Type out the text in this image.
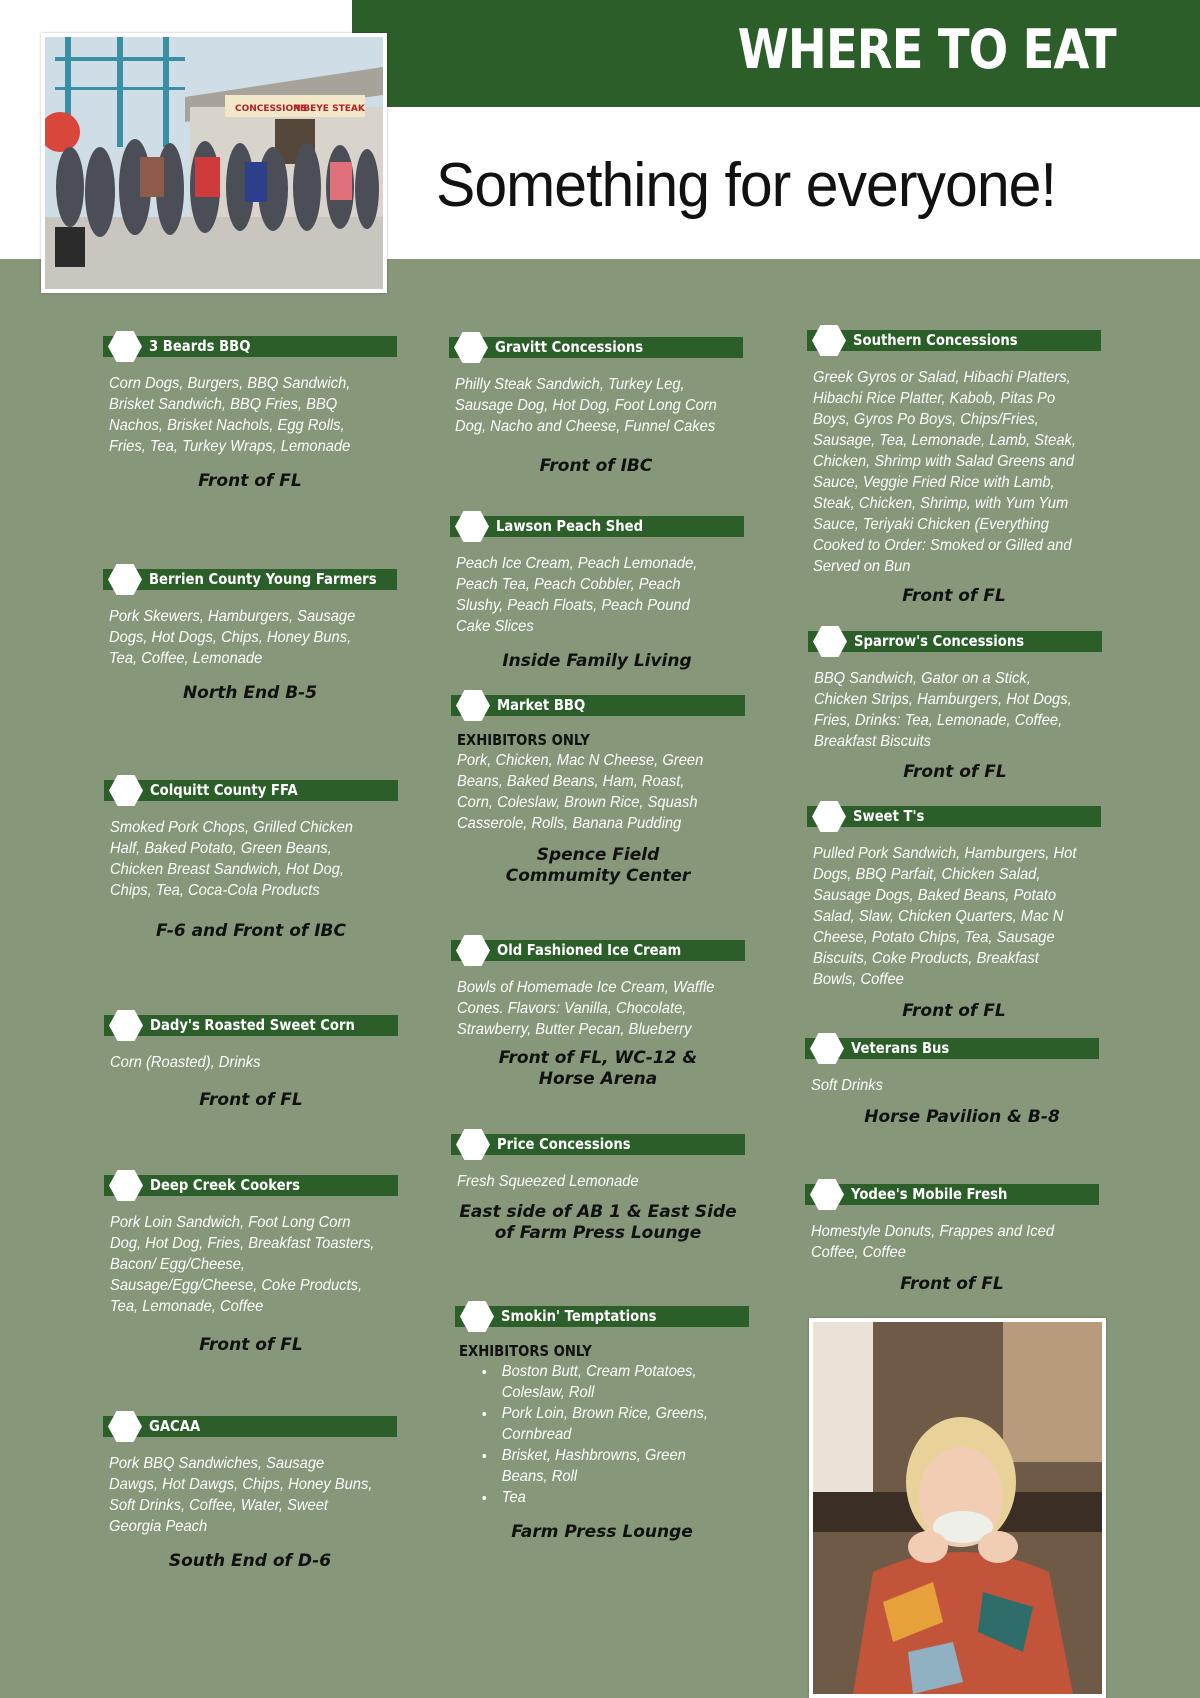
WHERE TO EAT
Something for everyone!
CONCESSIONS
RIBEYE STEAK
3 Beards BBQ
Corn Dogs, Burgers, BBQ Sandwich, Brisket Sandwich, BBQ Fries, BBQ Nachos, Brisket Nachols, Egg Rolls, Fries, Tea, Turkey Wraps, Lemonade
Front of FL
Berrien County Young Farmers
Pork Skewers, Hamburgers, Sausage Dogs, Hot Dogs, Chips, Honey Buns, Tea, Coffee, Lemonade
North End B-5
Colquitt County FFA
Smoked Pork Chops, Grilled Chicken Half, Baked Potato, Green Beans, Chicken Breast Sandwich, Hot Dog, Chips, Tea, Coca-Cola Products
F-6 and Front of IBC
Dady's Roasted Sweet Corn
Corn (Roasted), Drinks
Front of FL
Deep Creek Cookers
Pork Loin Sandwich, Foot Long Corn Dog, Hot Dog, Fries, Breakfast Toasters, Bacon/ Egg/Cheese, Sausage/Egg/Cheese, Coke Products, Tea, Lemonade, Coffee
Front of FL
GACAA
Pork BBQ Sandwiches, Sausage Dawgs, Hot Dawgs, Chips, Honey Buns, Soft Drinks, Coffee, Water, Sweet Georgia Peach
South End of D-6
Gravitt Concessions
Philly Steak Sandwich, Turkey Leg, Sausage Dog, Hot Dog, Foot Long Corn Dog, Nacho and Cheese, Funnel Cakes
Front of IBC
Lawson Peach Shed
Peach Ice Cream, Peach Lemonade, Peach Tea, Peach Cobbler, Peach Slushy, Peach Floats, Peach Pound Cake Slices
Inside Family Living
Market BBQ
EXHIBITORS ONLY
Pork, Chicken, Mac N Cheese, Green Beans, Baked Beans, Ham, Roast, Corn, Coleslaw, Brown Rice, Squash Casserole, Rolls, Banana Pudding
Spence Field Commumity Center
Old Fashioned Ice Cream
Bowls of Homemade Ice Cream, Waffle Cones. Flavors: Vanilla, Chocolate, Strawberry, Butter Pecan, Blueberry
Front of FL, WC-12 & Horse Arena
Price Concessions
Fresh Squeezed Lemonade
East side of AB 1 & East Side of Farm Press Lounge
Smokin' Temptations
EXHIBITORS ONLY
• Boston Butt, Cream Potatoes, Coleslaw, Roll
• Pork Loin, Brown Rice, Greens, Cornbread
• Brisket, Hashbrowns, Green Beans, Roll
• Tea
Farm Press Lounge
Southern Concessions
Greek Gyros or Salad, Hibachi Platters, Hibachi Rice Platter, Kabob, Pitas Po Boys, Gyros Po Boys, Chips/Fries, Sausage, Tea, Lemonade, Lamb, Steak, Chicken, Shrimp with Salad Greens and Sauce, Veggie Fried Rice with Lamb, Steak, Chicken, Shrimp, with Yum Yum Sauce, Teriyaki Chicken (Everything Cooked to Order: Smoked or Gilled and Served on Bun
Front of FL
Sparrow's Concessions
BBQ Sandwich, Gator on a Stick, Chicken Strips, Hamburgers, Hot Dogs, Fries, Drinks: Tea, Lemonade, Coffee, Breakfast Biscuits
Front of FL
Sweet T's
Pulled Pork Sandwich, Hamburgers, Hot Dogs, BBQ Parfait, Chicken Salad, Sausage Dogs, Baked Beans, Potato Salad, Slaw, Chicken Quarters, Mac N Cheese, Potato Chips, Tea, Sausage Biscuits, Coke Products, Breakfast Bowls, Coffee
Front of FL
Veterans Bus
Soft Drinks
Horse Pavilion & B-8
Yodee's Mobile Fresh
Homestyle Donuts, Frappes and Iced Coffee, Coffee
Front of FL
